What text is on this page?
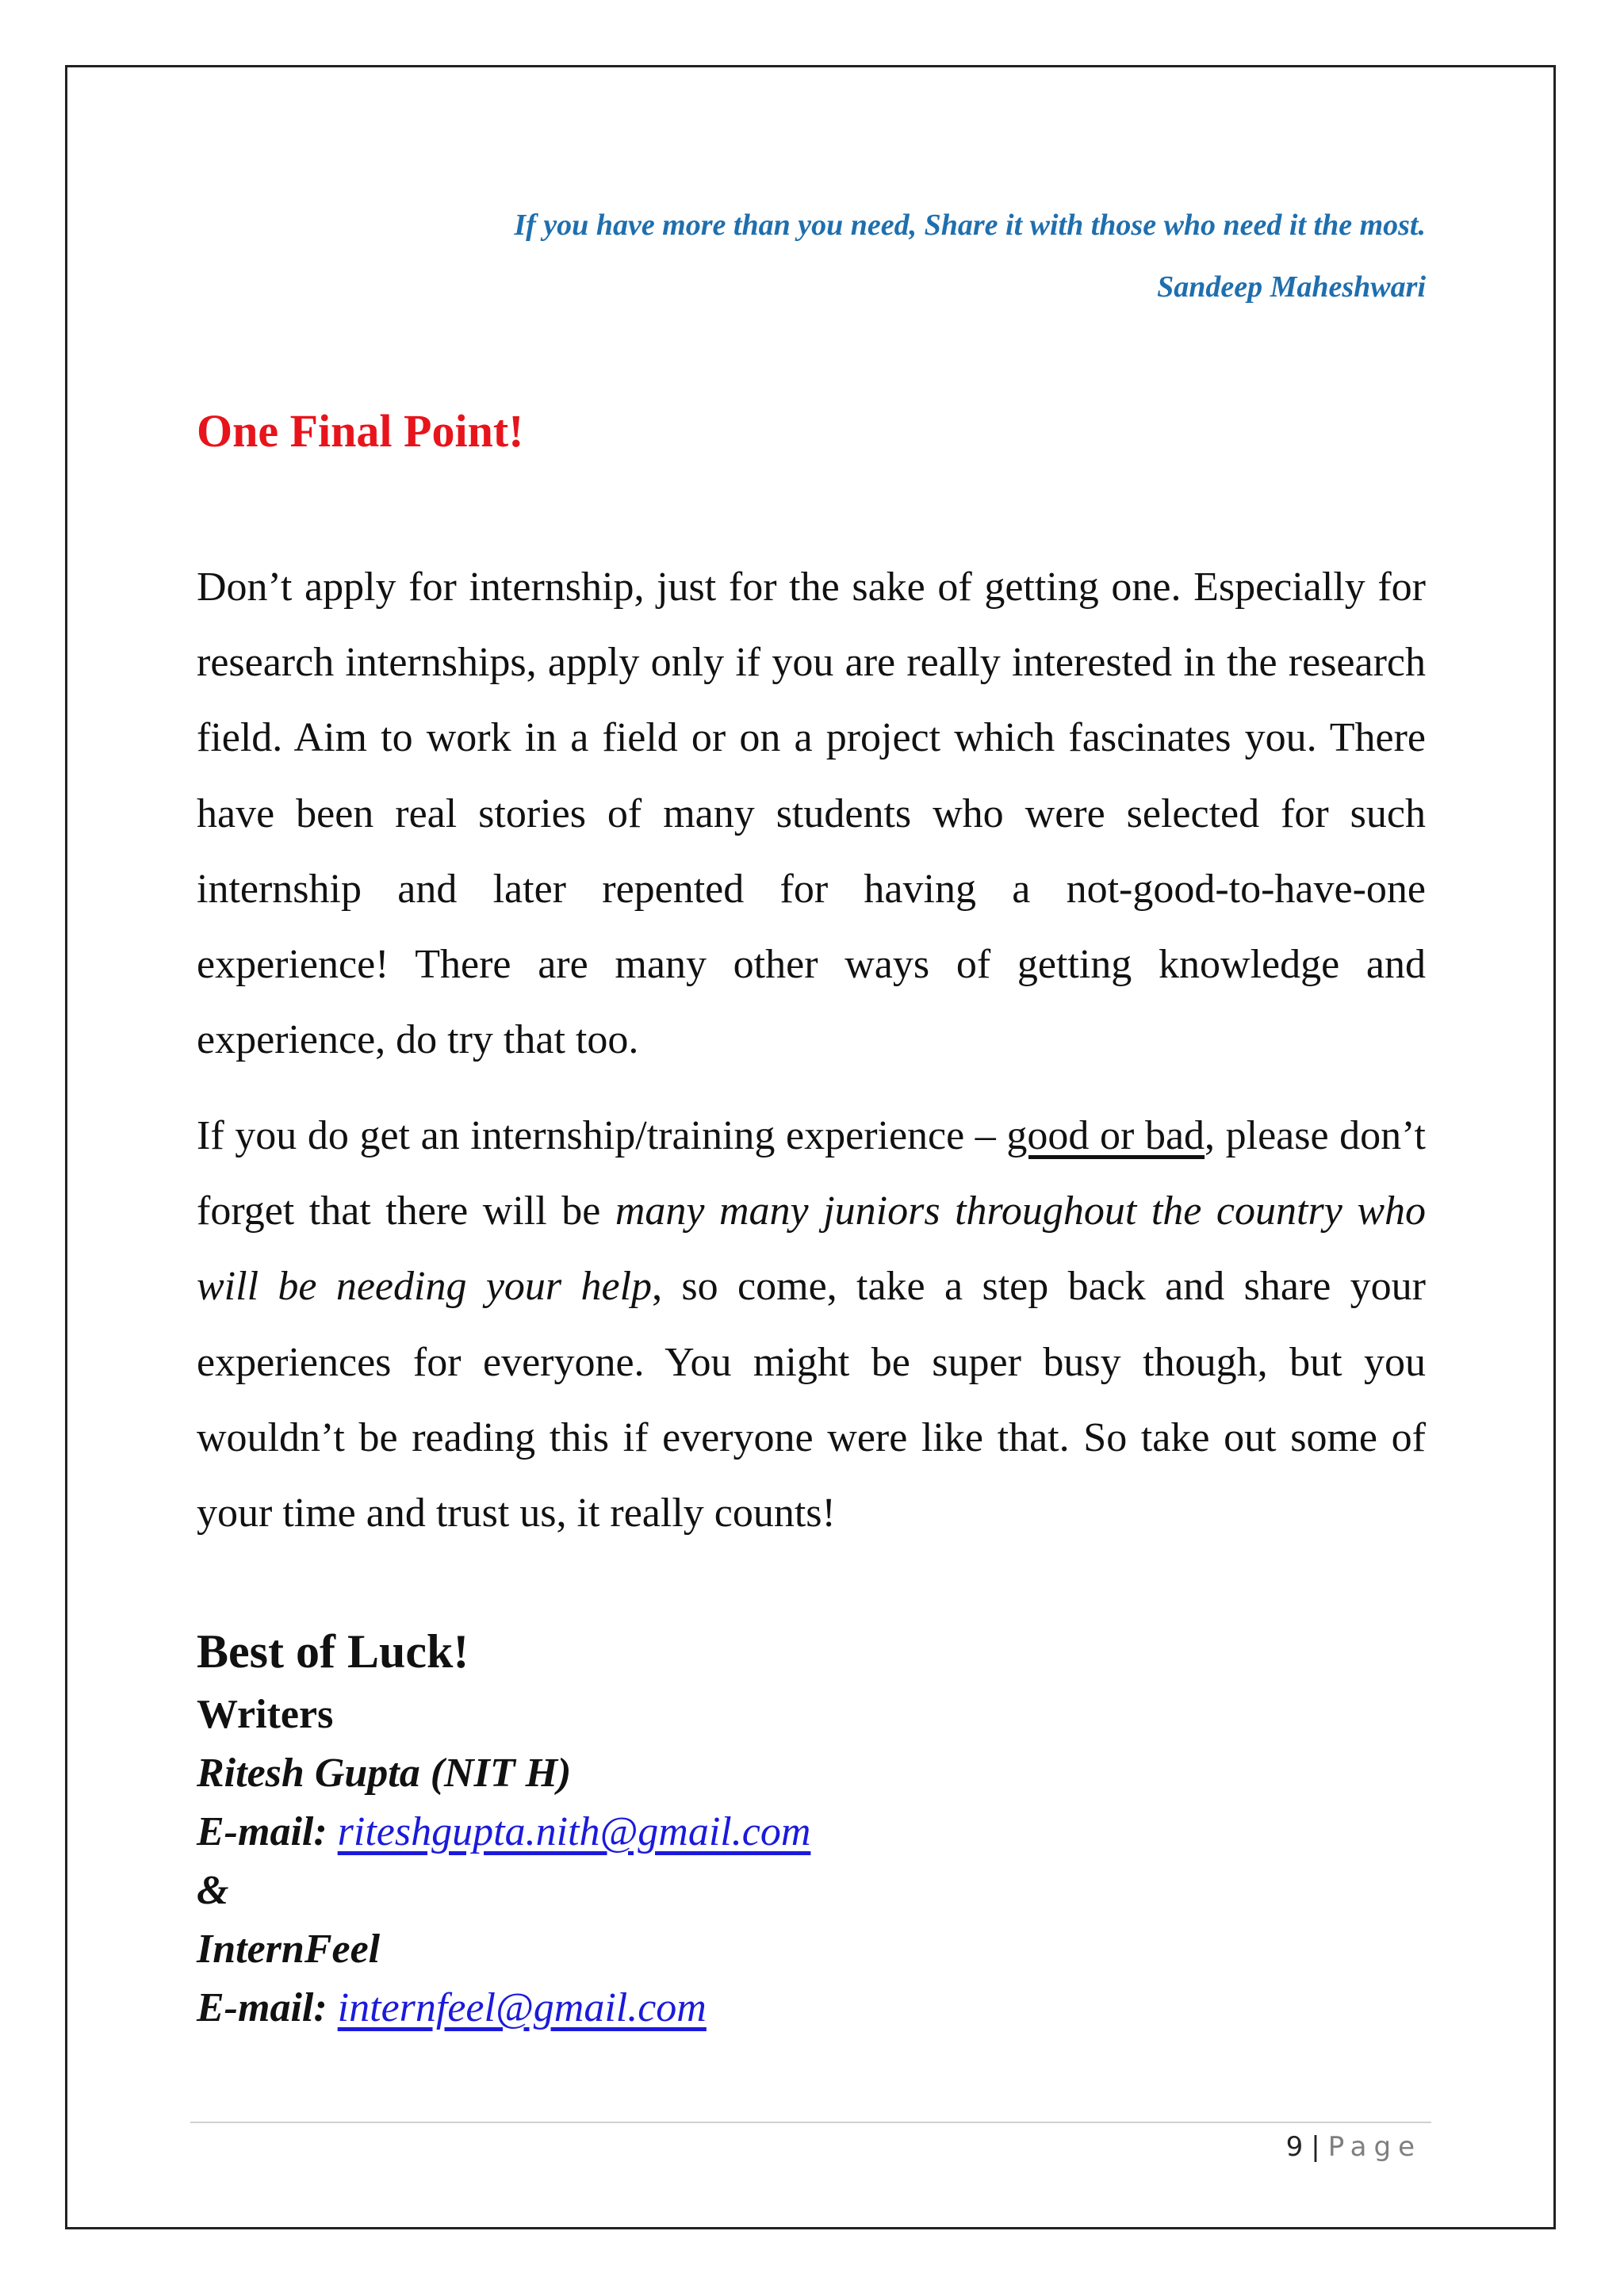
If you have more than you need, Share it with those who need it the most.
Sandeep Maheshwari
One Final Point!

Don’t apply for internship, just for the sake of getting one. Especially for research internships, apply only if you are really interested in the research field. Aim to work in a field or on a project which fascinates you. There have been real stories of many students who were selected for such internship and later repented for having a not-good-to-have-one experience! There are many other ways of getting knowledge and experience, do try that too.

If you do get an internship/training experience – good or bad, please don’t forget that there will be many many juniors throughout the country who will be needing your help, so come, take a step back and share your experiences for everyone. You might be super busy though, but you wouldn’t be reading this if everyone were like that. So take out some of your time and trust us, it really counts!

Best of Luck!
Writers
Ritesh Gupta (NIT H)
E-mail: riteshgupta.nith@gmail.com
&
InternFeel
E-mail: internfeel@gmail.com
9 | Page
